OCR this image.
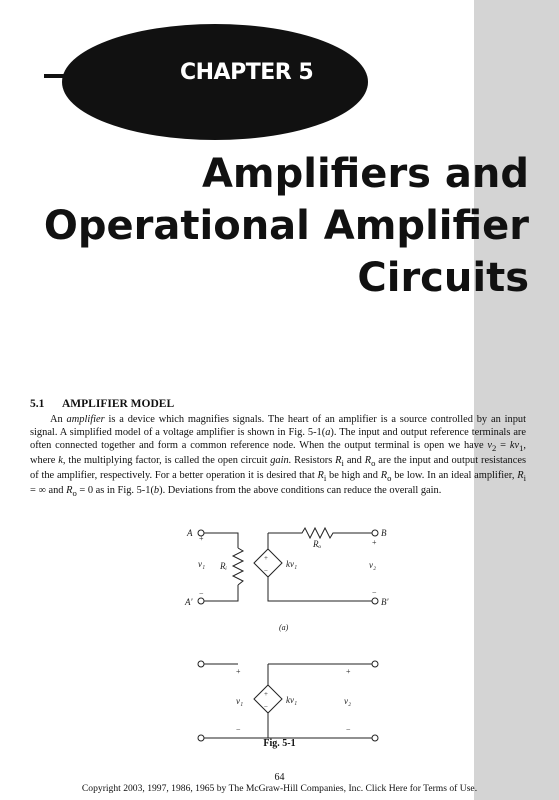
CHAPTER 5
Amplifiers and
Operational Amplifier
Circuits
5.1 AMPLIFIER MODEL

An amplifier is a device which magnifies signals. The heart of an amplifier is a source controlled by an input signal. A simplified model of a voltage amplifier is shown in Fig. 5-1(a). The input and output reference terminals are often connected together and form a common reference node. When the output terminal is open we have $v_2 = kv_1$, where k, the multiplying factor, is called the open circuit gain. Resistors $R_i$ and $R_o$ are the input and output resistances of the amplifier, respectively. For a better operation it is desired that $R_i$ be high and $R_o$ be low. In an ideal amplifier, $R_i$ = ∞ and $R_o = 0$ as in Fig. 5-1(b). Deviations from the above conditions can reduce the overall gain.

A
+
v₁
−
A'
Rᵢ
+
−
kv₁
Rₒ
B
+
v₂
−
B'
(a)
+
v₁
−
+
−
kv₁
+
v₂
−
Fig. 5-1
64
Copyright 2003, 1997, 1986, 1965 by The McGraw-Hill Companies, Inc. Click Here for Terms of Use.
